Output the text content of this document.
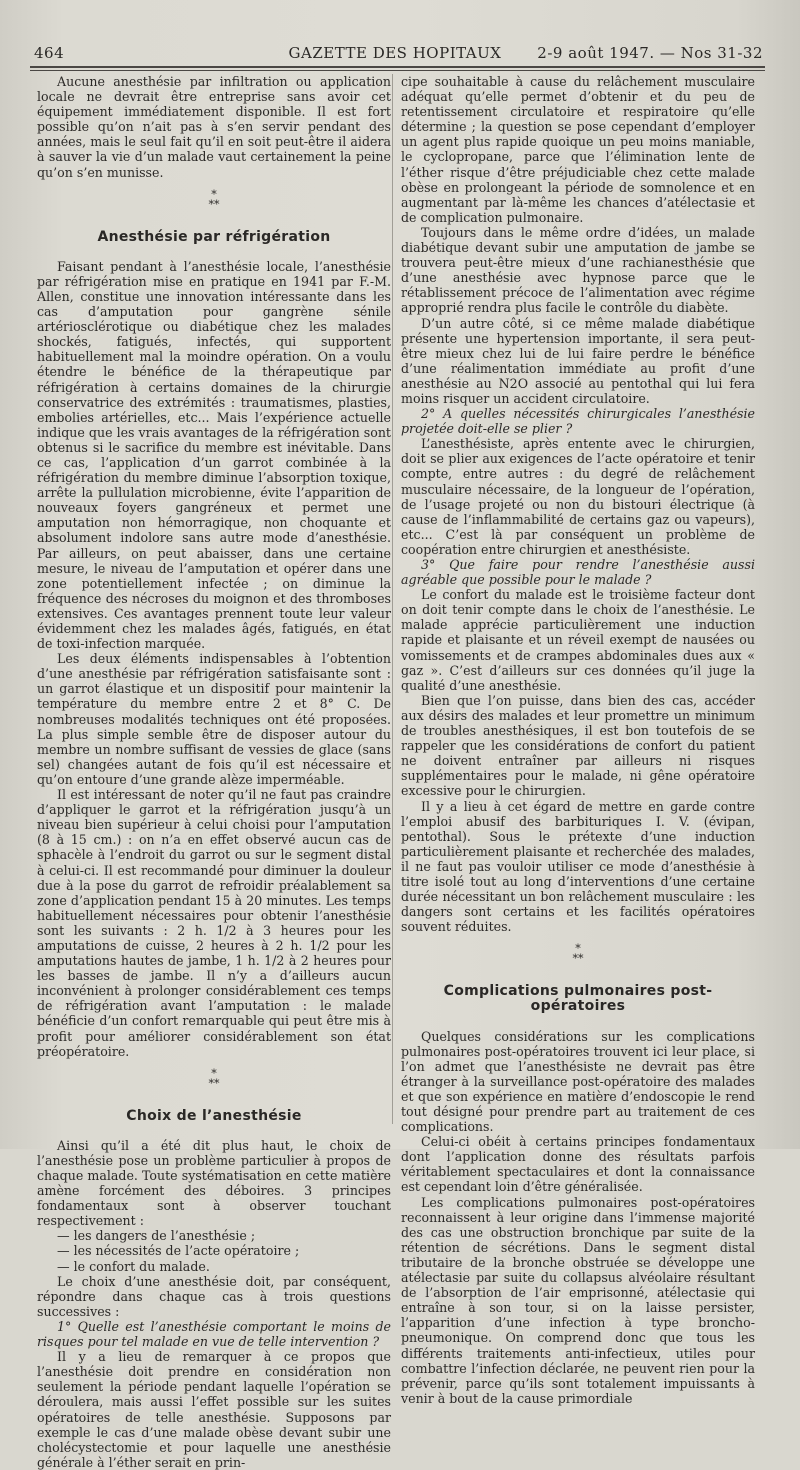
464	GAZETTE DES HOPITAUX	2-9 août 1947. — Nos 31-32

Aucune anesthésie par infiltration ou application locale ne devrait être entreprise sans avoir cet équipement immédiatement disponible. Il est fort possible qu’on n’ait pas à s’en servir pendant des années, mais le seul fait qu’il en soit peut-être il aidera à sauver la vie d’un malade vaut certainement la peine qu’on s’en munisse.

*
**
Anesthésie par réfrigération

Faisant pendant à l’anesthésie locale, l’anesthésie par réfrigération mise en pratique en 1941 par F.-M. Allen, constitue une innovation intéressante dans les cas d’amputation pour gangrène sénile artériosclérotique ou diabétique chez les malades shockés, fatigués, infectés, qui supportent habituellement mal la moindre opération. On a voulu étendre le bénéfice de la thérapeutique par réfrigération à certains domaines de la chirurgie conservatrice des extrémités : traumatismes, plasties, embolies artérielles, etc... Mais l’expérience actuelle indique que les vrais avantages de la réfrigération sont obtenus si le sacrifice du membre est inévitable. Dans ce cas, l’application d’un garrot combinée à la réfrigération du membre diminue l’absorption toxique, arrête la pullulation microbienne, évite l’apparition de nouveaux foyers gangréneux et permet une amputation non hémorragique, non choquante et absolument indolore sans autre mode d’anesthésie. Par ailleurs, on peut abaisser, dans une certaine mesure, le niveau de l’amputation et opérer dans une zone potentiellement infectée ; on diminue la fréquence des nécroses du moignon et des thromboses extensives. Ces avantages prennent toute leur valeur évidemment chez les malades âgés, fatigués, en état de toxi-infection marquée.

Les deux éléments indispensables à l’obtention d’une anesthésie par réfrigération satisfaisante sont : un garrot élastique et un dispositif pour maintenir la température du membre entre 2 et 8° C. De nombreuses modalités techniques ont été proposées. La plus simple semble être de disposer autour du membre un nombre suffisant de vessies de glace (sans sel) changées autant de fois qu’il est nécessaire et qu’on entoure d’une grande alèze imperméable.

Il est intéressant de noter qu’il ne faut pas craindre d’appliquer le garrot et la réfrigération jusqu’à un niveau bien supérieur à celui choisi pour l’amputation (8 à 15 cm.) : on n’a en effet observé aucun cas de sphacèle à l’endroit du garrot ou sur le segment distal à celui-ci. Il est recommandé pour diminuer la douleur due à la pose du garrot de refroidir préalablement sa zone d’application pendant 15 à 20 minutes. Les temps habituellement nécessaires pour obtenir l’anesthésie sont les suivants : 2 h. 1/2 à 3 heures pour les amputations de cuisse, 2 heures à 2 h. 1/2 pour les amputations hautes de jambe, 1 h. 1/2 à 2 heures pour les basses de jambe. Il n’y a d’ailleurs aucun inconvénient à prolonger considérablement ces temps de réfrigération avant l’amputation : le malade bénéficie d’un confort remarquable qui peut être mis à profit pour améliorer considérablement son état préopératoire.

*
**
Choix de l’anesthésie

Ainsi qu’il a été dit plus haut, le choix de l’anesthésie pose un problème particulier à propos de chaque malade. Toute systématisation en cette matière amène forcément des déboires. 3 principes fondamentaux sont à observer touchant respectivement :

— les dangers de l’anesthésie ;

— les nécessités de l’acte opératoire ;

— le confort du malade.

Le choix d’une anesthésie doit, par conséquent, répondre dans chaque cas à trois questions successives :

1° Quelle est l’anesthésie comportant le moins de risques pour tel malade en vue de telle intervention ?

Il y a lieu de remarquer à ce propos que l’anesthésie doit prendre en considération non seulement la période pendant laquelle l’opération se déroulera, mais aussi l’effet possible sur les suites opératoires de telle anesthésie. Supposons par exemple le cas d’une malade obèse devant subir une cholécystectomie et pour laquelle une anesthésie générale à l’éther serait en prin-

cipe souhaitable à cause du relâchement musculaire adéquat qu’elle permet d’obtenir et du peu de retentissement circulatoire et respiratoire qu’elle détermine ; la question se pose cependant d’employer un agent plus rapide quoique un peu moins maniable, le cyclopropane, parce que l’élimination lente de l’éther risque d’être préjudiciable chez cette malade obèse en prolongeant la période de somnolence et en augmentant par là-même les chances d’atélectasie et de complication pulmonaire.

Toujours dans le même ordre d’idées, un malade diabétique devant subir une amputation de jambe se trouvera peut-être mieux d’une rachianesthésie que d’une anesthésie avec hypnose parce que le rétablissement précoce de l’alimentation avec régime approprié rendra plus facile le contrôle du diabète.

D’un autre côté, si ce même malade diabétique présente une hypertension importante, il sera peut-être mieux chez lui de lui faire perdre le bénéfice d’une réalimentation immédiate au profit d’une anesthésie au N2O associé au pentothal qui lui fera moins risquer un accident circulatoire.

2° A quelles nécessités chirurgicales l’anesthésie projetée doit-elle se plier ?

L’anesthésiste, après entente avec le chirurgien, doit se plier aux exigences de l’acte opératoire et tenir compte, entre autres : du degré de relâchement musculaire nécessaire, de la longueur de l’opération, de l’usage projeté ou non du bistouri électrique (à cause de l’inflammabilité de certains gaz ou vapeurs), etc... C’est là par conséquent un problème de coopération entre chirurgien et anesthésiste.

3° Que faire pour rendre l’anesthésie aussi agréable que possible pour le malade ?

Le confort du malade est le troisième facteur dont on doit tenir compte dans le choix de l’anesthésie. Le malade apprécie particulièrement une induction rapide et plaisante et un réveil exempt de nausées ou vomissements et de crampes abdominales dues aux « gaz ». C’est d’ailleurs sur ces données qu’il juge la qualité d’une anesthésie.

Bien que l’on puisse, dans bien des cas, accéder aux désirs des malades et leur promettre un minimum de troubles anesthésiques, il est bon toutefois de se rappeler que les considérations de confort du patient ne doivent entraîner par ailleurs ni risques supplémentaires pour le malade, ni gêne opératoire excessive pour le chirurgien.

Il y a lieu à cet égard de mettre en garde contre l’emploi abusif des barbituriques I. V. (évipan, pentothal). Sous le prétexte d’une induction particulièrement plaisante et recherchée des malades, il ne faut pas vouloir utiliser ce mode d’anesthésie à titre isolé tout au long d’interventions d’une certaine durée nécessitant un bon relâchement musculaire : les dangers sont certains et les facilités opératoires souvent réduites.

*
**
Complications pulmonaires post-opératoires

Quelques considérations sur les complications pulmonaires post-opératoires trouvent ici leur place, si l’on admet que l’anesthésiste ne devrait pas être étranger à la surveillance post-opératoire des malades et que son expérience en matière d’endoscopie le rend tout désigné pour prendre part au traitement de ces complications.

Celui-ci obéit à certains principes fondamentaux dont l’application donne des résultats parfois véritablement spectaculaires et dont la connaissance est cependant loin d’être généralisée.

Les complications pulmonaires post-opératoires reconnaissent à leur origine dans l’immense majorité des cas une obstruction bronchique par suite de la rétention de sécrétions. Dans le segment distal tributaire de la bronche obstruée se développe une atélectasie par suite du collapsus alvéolaire résultant de l’absorption de l’air emprisonné, atélectasie qui entraîne à son tour, si on la laisse persister, l’apparition d’une infection à type broncho-pneumonique. On comprend donc que tous les différents traitements anti-infectieux, utiles pour combattre l’infection déclarée, ne peuvent rien pour la prévenir, parce qu’ils sont totalement impuissants à venir à bout de la cause primordiale
